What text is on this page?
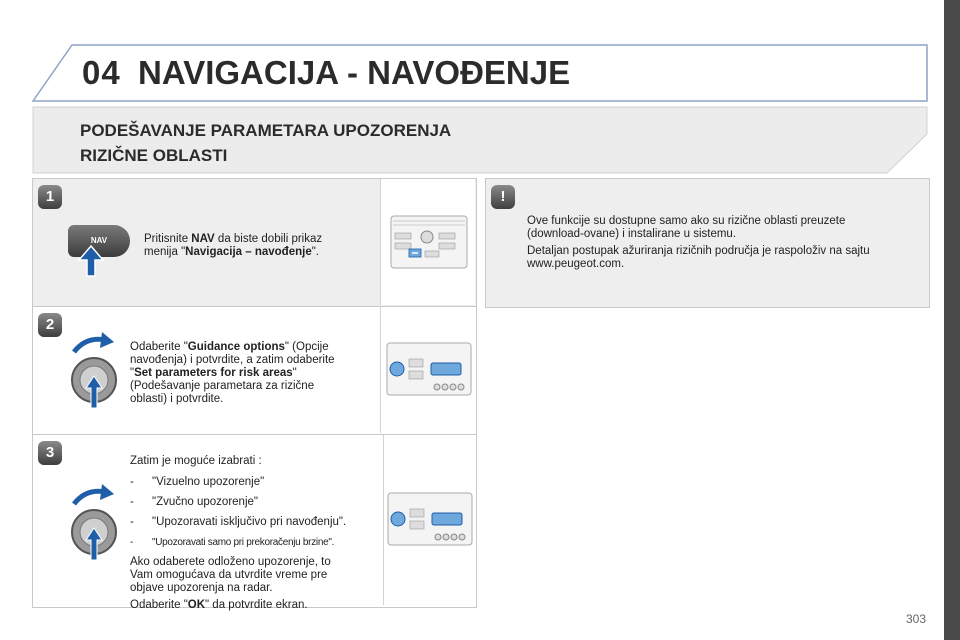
04 NAVIGACIJA - NAVOĐENJE
PODEŠAVANJE PARAMETARA UPOZORENJA
RIZIČNE OBLASTI
1
NAV	Pritisnite NAV da biste dobili prikaz
menija "Navigacija – navođenje".
2
Odaberite "Guidance options" (Opcije
navođenja) i potvrdite, a zatim odaberite
"Set parameters for risk areas"
(Podešavanje parametara za rizične
oblasti) i potvrdite.
3	Zatim je moguće izabrati :

- "Vizuelno upozorenje"
- "Zvučno upozorenje"
- "Upozoravati isključivo pri navođenju".
- "Upozoravati samo pri prekoračenju brzine".

Ako odaberete odloženo upozorenje, to
Vam omogućava da utvrdite vreme pre
objave upozorenja na radar.

Odaberite "OK" da potvrdite ekran.

!

Ove funkcije su dostupne samo ako su rizične oblasti preuzete
(download-ovane) i instalirane u sistemu.

Detaljan postupak ažuriranja rizičnih područja je raspoloživ na sajtu
www.peugeot.com.

303
